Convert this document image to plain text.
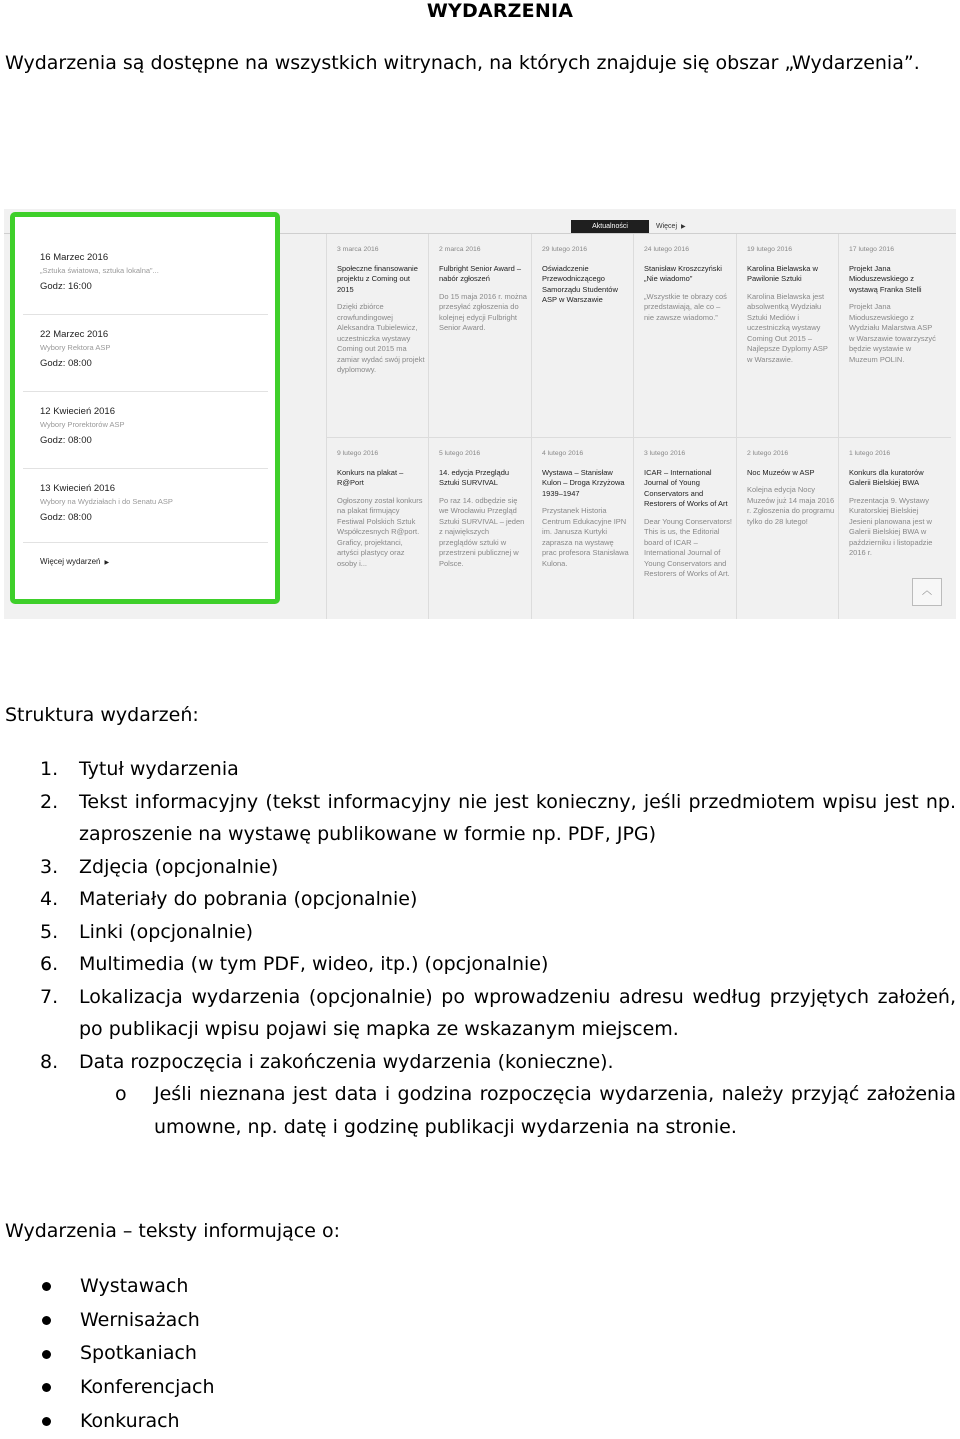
WYDARZENIA
Wydarzenia są dostępne na wszystkich witrynach, na których znajduje się obszar „Wydarzenia”.
Aktualności	Więcej ▶
16 Marzec 2016
„Sztuka światowa, sztuka lokalna”...
Godz: 16:00
22 Marzec 2016
Wybory Rektora ASP
Godz: 08:00
12 Kwiecień 2016
Wybory Prorektorów ASP
Godz: 08:00
13 Kwiecień 2016
Wybory na Wydziałach i do Senatu ASP
Godz: 08:00
Więcej wydarzeń ▶
3 marca 2016
Społeczne finansowanie projektu z Coming out 2015
Dzięki zbiórce crowfundingowej Aleksandra Tubielewicz, uczestniczka wystawy Coming out 2015 ma zamiar wydać swój projekt dyplomowy.
2 marca 2016
Fulbright Senior Award – nabór zgłoszeń
Do 15 maja 2016 r. można przesyłać zgłoszenia do kolejnej edycji Fulbright Senior Award.
29 lutego 2016
Oświadczenie Przewodniczącego Samorządu Studentów ASP w Warszawie
24 lutego 2016
Stanisław Kroszczyński „Nie wiadomo”
„Wszystkie te obrazy coś przedstawiają, ale co – nie zawsze wiadomo.”
19 lutego 2016
Karolina Bielawska w Pawilonie Sztuki
Karolina Bielawska jest absolwentką Wydziału Sztuki Mediów i uczestniczką wystawy Coming Out 2015 – Najlepsze Dyplomy ASP w Warszawie.
17 lutego 2016
Projekt Jana Mioduszewskiego z wystawą Franka Stelli
Projekt Jana Mioduszewskiego z Wydziału Malarstwa ASP w Warszawie towarzyszyć będzie wystawie w Muzeum POLIN.
9 lutego 2016
Konkurs na plakat – R@Port
Ogłoszony został konkurs na plakat firmujący Festiwal Polskich Sztuk Współczesnych R@port. Graficy, projektanci, artyści plastycy oraz osoby i...
5 lutego 2016
14. edycja Przeglądu Sztuki SURVIVAL
Po raz 14. odbędzie się we Wrocławiu Przegląd Sztuki SURVIVAL – jeden z największych przeglądów sztuki w przestrzeni publicznej w Polsce.
4 lutego 2016
Wystawa – Stanisław Kulon – Droga Krzyżowa 1939–1947
Przystanek Historia Centrum Edukacyjne IPN im. Janusza Kurtyki zaprasza na wystawę prac profesora Stanisława Kulona.
3 lutego 2016
ICAR – International Journal of Young Conservators and Restorers of Works of Art
Dear Young Conservators! This is us, the Editorial board of ICAR – International Journal of Young Conservators and Restorers of Works of Art.
2 lutego 2016
Noc Muzeów w ASP
Kolejna edycja Nocy Muzeów już 14 maja 2016 r. Zgłoszenia do programu tylko do 28 lutego!
1 lutego 2016
Konkurs dla kuratorów Galerii Bielskiej BWA
Prezentacja 9. Wystawy Kuratorskiej Bielskiej Jesieni planowana jest w Galerii Bielskiej BWA w październiku i listopadzie 2016 r.
︿
Struktura wydarzeń:
1.	Tytuł wydarzenia
2.	Tekst informacyjny (tekst informacyjny nie jest konieczny, jeśli przedmiotem wpisu jest np. zaproszenie na wystawę publikowane w formie np. PDF, JPG)
3.	Zdjęcia (opcjonalnie)
4.	Materiały do pobrania (opcjonalnie)
5.	Linki (opcjonalnie)
6.	Multimedia (w tym PDF, wideo, itp.) (opcjonalnie)
7.	Lokalizacja wydarzenia (opcjonalnie) po wprowadzeniu adresu według przyjętych założeń, po publikacji wpisu pojawi się mapka ze wskazanym miejscem.
8.	Data rozpoczęcia i zakończenia wydarzenia (konieczne).
o	Jeśli nieznana jest data i godzina rozpoczęcia wydarzenia, należy przyjąć założenia umowne, np. datę i godzinę publikacji wydarzenia na stronie.
Wydarzenia – teksty informujące o:
Wystawach
Wernisażach
Spotkaniach
Konferencjach
Konkurach
